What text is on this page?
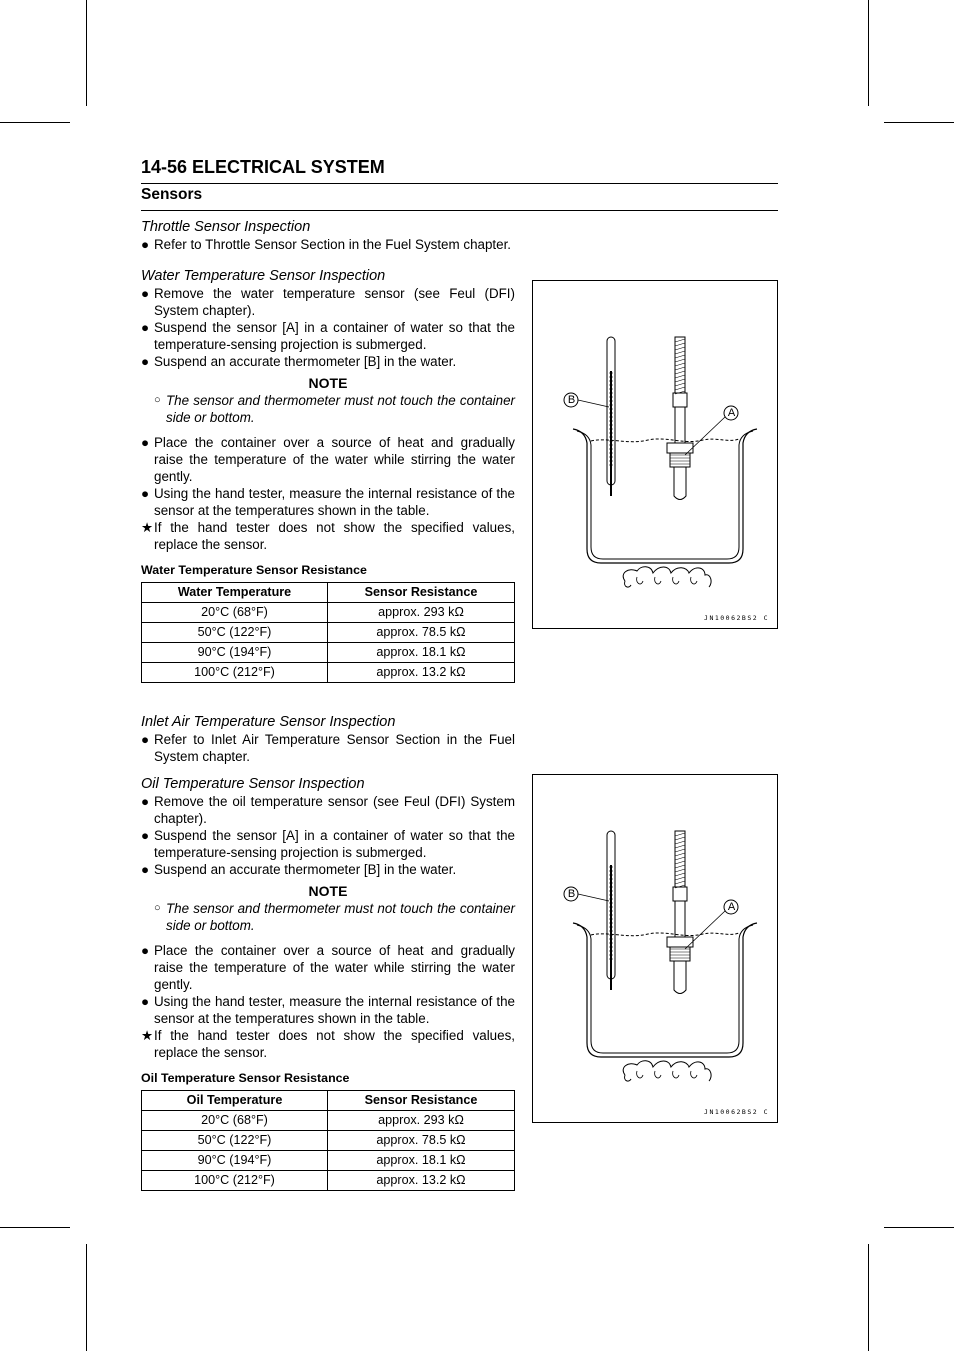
14-56 ELECTRICAL SYSTEM
Sensors

Throttle Sensor Inspection

● Refer to Throttle Sensor Section in the Fuel System chapter.

Water Temperature Sensor Inspection

● Remove the water temperature sensor (see Feul (DFI) System chapter).
● Suspend the sensor [A] in a container of water so that the temperature-sensing projection is submerged.
● Suspend an accurate thermometer [B] in the water.
NOTE
○ The sensor and thermometer must not touch the container side or bottom.
● Place the container over a source of heat and gradually raise the temperature of the water while stirring the water gently.
● Using the hand tester, measure the internal resistance of the sensor at the temperatures shown in the table.
★ If the hand tester does not show the specified values, replace the sensor.
Water Temperature Sensor Resistance
Water Temperature	Sensor Resistance
20°C (68°F)	approx. 293 kΩ
50°C (122°F)	approx. 78.5 kΩ
90°C (194°F)	approx. 18.1 kΩ
100°C (212°F)	approx. 13.2 kΩ

Inlet Air Temperature Sensor Inspection

● Refer to Inlet Air Temperature Sensor Section in the Fuel System chapter.

Oil Temperature Sensor Inspection

● Remove the oil temperature sensor (see Feul (DFI) System chapter).
● Suspend the sensor [A] in a container of water so that the temperature-sensing projection is submerged.
● Suspend an accurate thermometer [B] in the water.
NOTE
○ The sensor and thermometer must not touch the container side or bottom.
● Place the container over a source of heat and gradually raise the temperature of the water while stirring the water gently.
● Using the hand tester, measure the internal resistance of the sensor at the temperatures shown in the table.
★ If the hand tester does not show the specified values, replace the sensor.
Oil Temperature Sensor Resistance
Oil Temperature	Sensor Resistance
20°C (68°F)	approx. 293 kΩ
50°C (122°F)	approx. 78.5 kΩ
90°C (194°F)	approx. 18.1 kΩ
100°C (212°F)	approx. 13.2 kΩ
B
A
JN10062BS2 C
B
A
JN10062BS2 C
